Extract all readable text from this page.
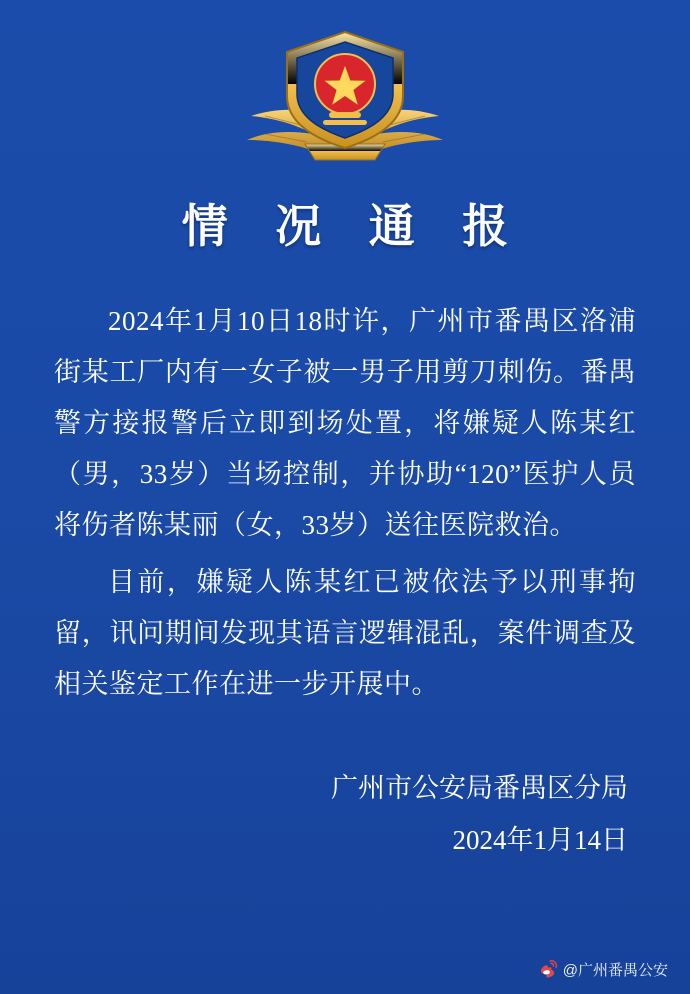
情 况 通 报

2024年1月10日18时许，广州市番禺区洛浦街某工厂内有一女子被一男子用剪刀刺伤。番禺警方接报警后立即到场处置，将嫌疑人陈某红（男，33岁）当场控制，并协助“120”医护人员将伤者陈某丽（女，33岁）送往医院救治。

目前，嫌疑人陈某红已被依法予以刑事拘留，讯问期间发现其语言逻辑混乱，案件调查及相关鉴定工作在进一步开展中。

广州市公安局番禺区分局
2024年1月14日
@广州番禺公安
